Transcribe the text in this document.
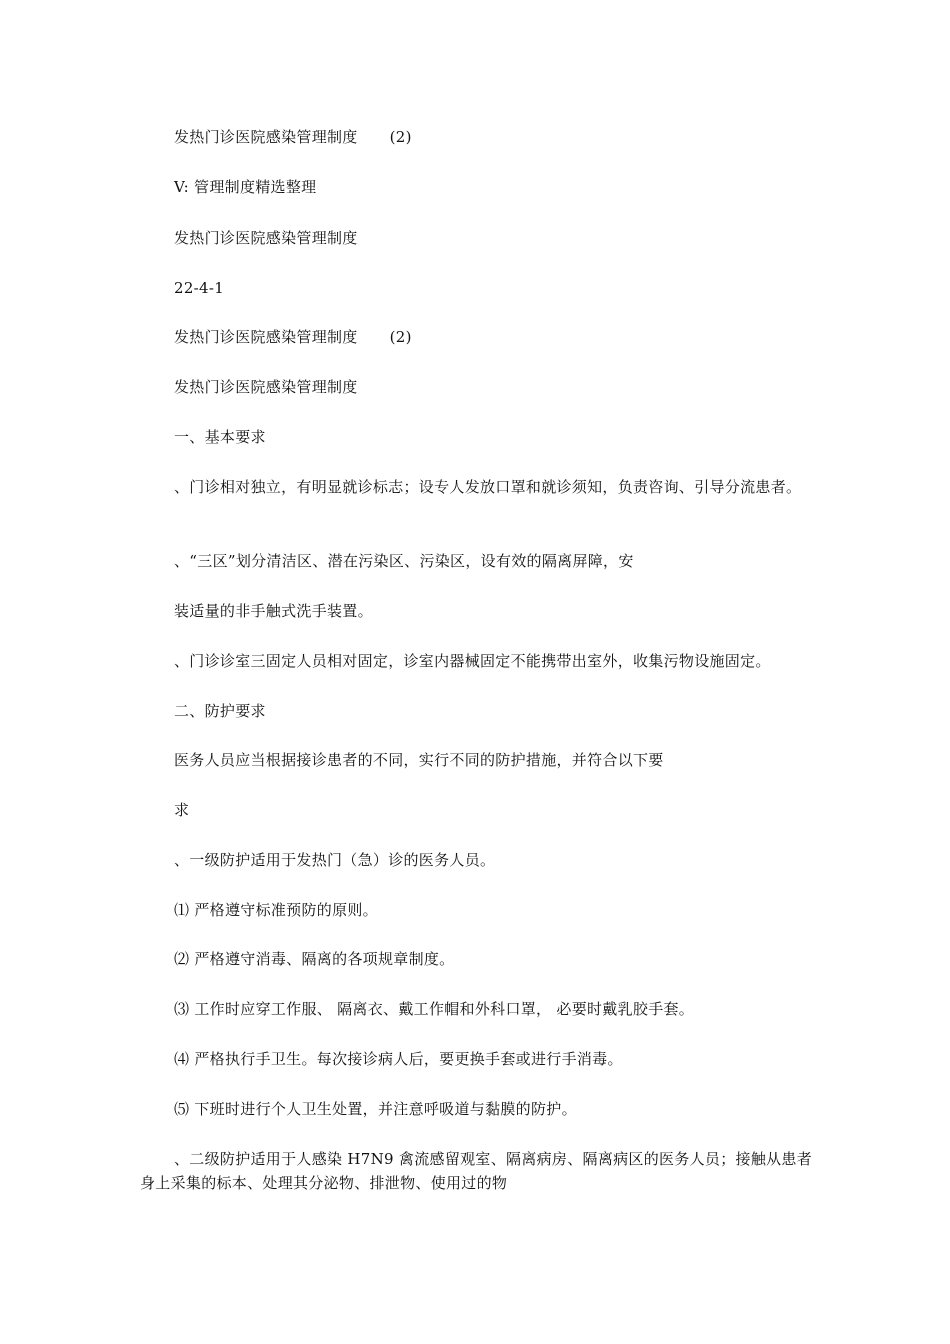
发热门诊医院感染管理制度 (2)
V: 管理制度精选整理
发热门诊医院感染管理制度
22-4-1
发热门诊医院感染管理制度 (2)
发热门诊医院感染管理制度
一、基本要求
、门诊相对独立，有明显就诊标志；设专人发放口罩和就诊须知，负责咨询、引导分流患者。
、“三区”划分清洁区、潜在污染区、污染区，设有效的隔离屏障，安
装适量的非手触式洗手装置。
、门诊诊室三固定人员相对固定，诊室内器械固定不能携带出室外，收集污物设施固定。
二、防护要求
医务人员应当根据接诊患者的不同，实行不同的防护措施，并符合以下要
求
、一级防护适用于发热门（急）诊的医务人员。
⑴ 严格遵守标准预防的原则。
⑵ 严格遵守消毒、隔离的各项规章制度。
⑶ 工作时应穿工作服、 隔离衣、戴工作帽和外科口罩， 必要时戴乳胶手套。
⑷ 严格执行手卫生。每次接诊病人后，要更换手套或进行手消毒。
⑸ 下班时进行个人卫生处置，并注意呼吸道与黏膜的防护。
、二级防护适用于人感染 H7N9 禽流感留观室、隔离病房、隔离病区的医务人员；接触从患者身上采集的标本、处理其分泌物、排泄物、使用过的物
